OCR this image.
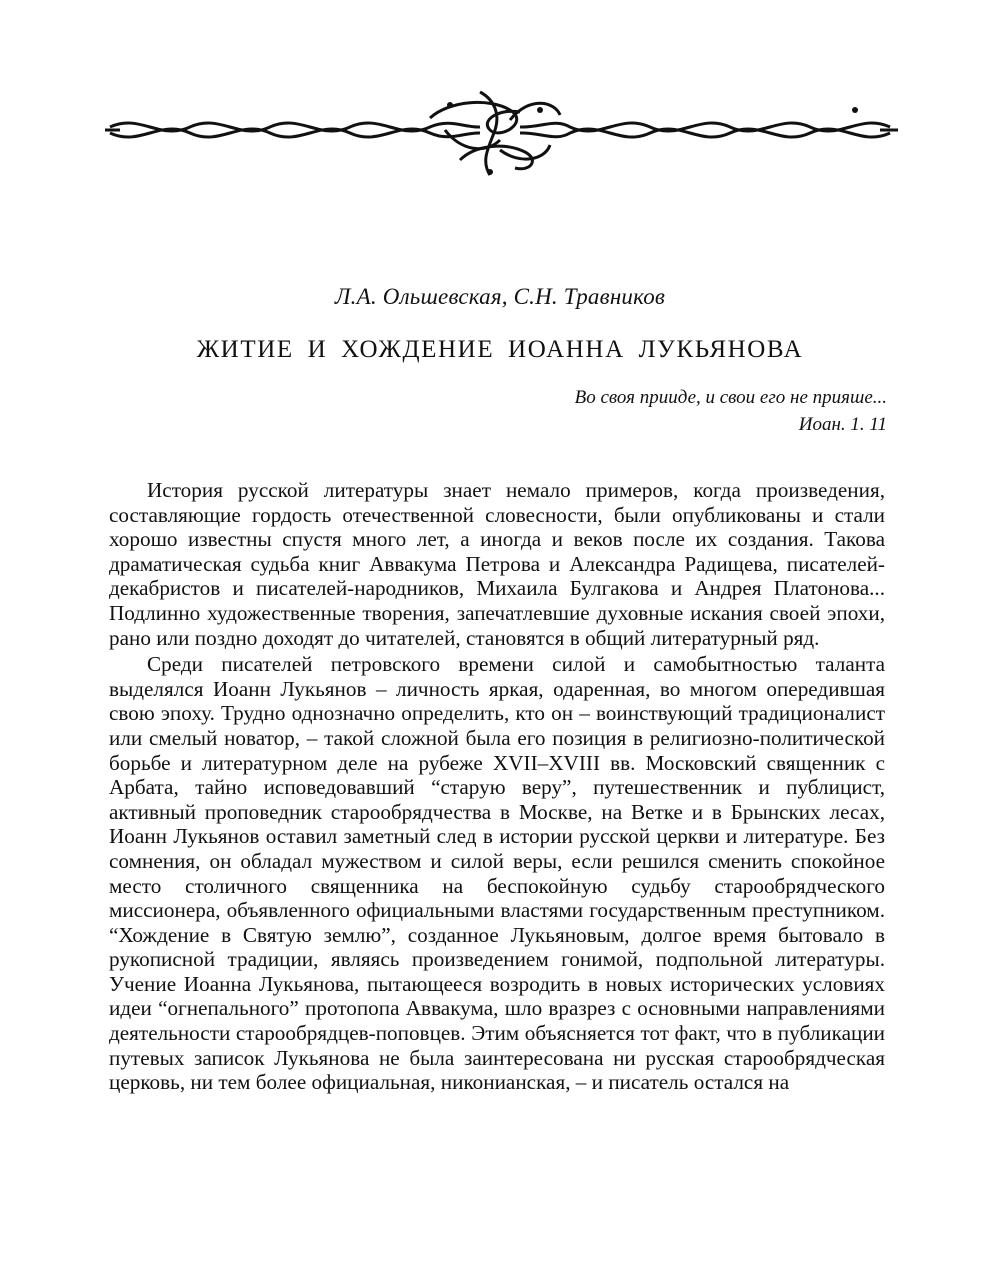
Л.А. Ольшевская, С.Н. Травников
ЖИТИЕ И ХОЖДЕНИЕ ИОАННА ЛУКЬЯНОВА
Во своя прииде, и свои его не прияше...
Иоан. 1. 11

История русской литературы знает немало примеров, когда произведения, составляющие гордость отечественной словесности, были опубликованы и стали хорошо известны спустя много лет, а иногда и веков после их создания. Такова драматическая судьба книг Аввакума Петрова и Александра Радищева, писателей-декабристов и писателей-народников, Михаила Булгакова и Андрея Платонова... Подлинно художественные творения, запечатлевшие духовные искания своей эпохи, рано или поздно доходят до читателей, становятся в общий литературный ряд.

Среди писателей петровского времени силой и самобытностью таланта выделялся Иоанн Лукьянов – личность яркая, одаренная, во многом опередившая свою эпоху. Трудно однозначно определить, кто он – воинствующий традиционалист или смелый новатор, – такой сложной была его позиция в религиозно-политической борьбе и литературном деле на рубеже XVII–XVIII вв. Московский священник с Арбата, тайно исповедовавший “старую веру”, путешественник и публицист, активный проповедник старообрядчества в Москве, на Ветке и в Брынских лесах, Иоанн Лукьянов оставил заметный след в истории русской церкви и литературе. Без сомнения, он обладал мужеством и силой веры, если решился сменить спокойное место столичного священника на беспокойную судьбу старообрядческого миссионера, объявленного официальными властями государственным преступником. “Хождение в Святую землю”, созданное Лукьяновым, долгое время бытовало в рукописной традиции, являясь произведением гонимой, подпольной литературы. Учение Иоанна Лукьянова, пытающееся возродить в новых исторических условиях идеи “огнепального” протопопа Аввакума, шло вразрез с основными направлениями деятельности старообрядцев-поповцев. Этим объясняется тот факт, что в публикации путевых записок Лукьянова не была заинтересована ни русская старообрядческая церковь, ни тем более официальная, никонианская, – и писатель остался на
